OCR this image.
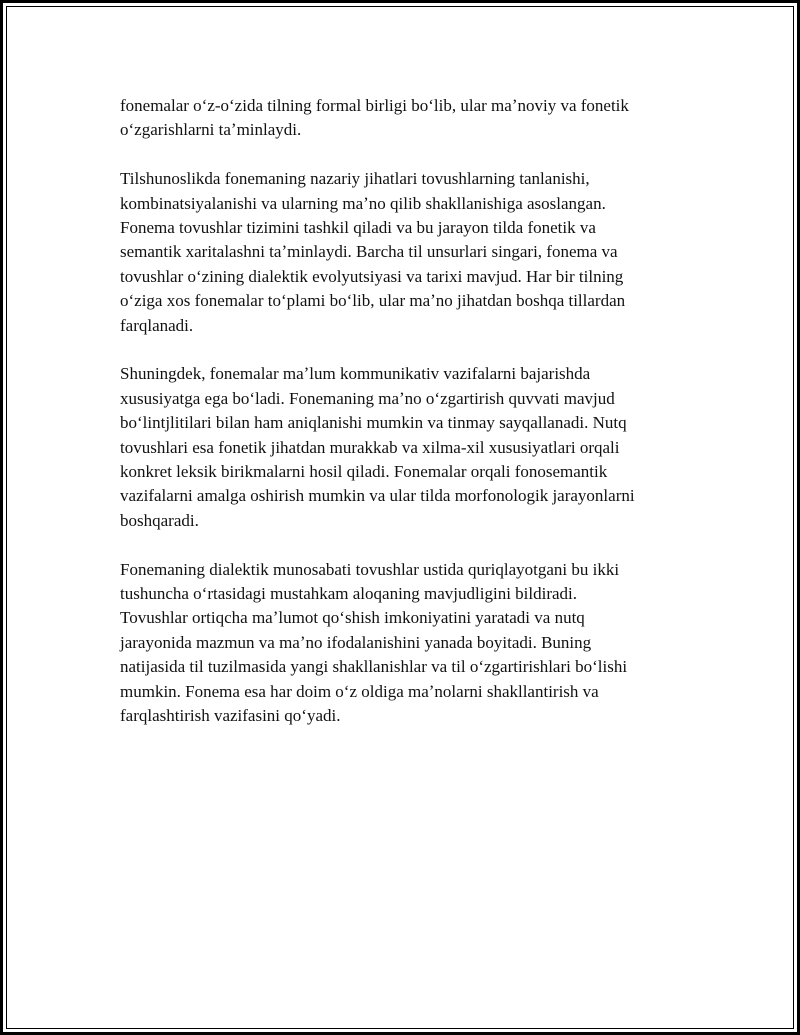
fonemalar oʻz-oʻzida tilning formal birligi boʻlib, ular maʼnoviy va fonetik
oʻzgarishlarni taʼminlaydi.

Tilshunoslikda fonemaning nazariy jihatlari tovushlarning tanlanishi,
kombinatsiyalanishi va ularning maʼno qilib shakllanishiga asoslangan.
Fonema tovushlar tizimini tashkil qiladi va bu jarayon tilda fonetik va
semantik xaritalashni taʼminlaydi. Barcha til unsurlari singari, fonema va
tovushlar oʻzining dialektik evolyutsiyasi va tarixi mavjud. Har bir tilning
oʻziga xos fonemalar toʻplami boʻlib, ular maʼno jihatdan boshqa tillardan
farqlanadi.

Shuningdek, fonemalar maʼlum kommunikativ vazifalarni bajarishda
xususiyatga ega boʻladi. Fonemaning maʼno oʻzgartirish quvvati mavjud
boʻlintjlitilari bilan ham aniqlanishi mumkin va tinmay sayqallanadi. Nutq
tovushlari esa fonetik jihatdan murakkab va xilma-xil xususiyatlari orqali
konkret leksik birikmalarni hosil qiladi. Fonemalar orqali fonosemantik
vazifalarni amalga oshirish mumkin va ular tilda morfonologik jarayonlarni
boshqaradi.

Fonemaning dialektik munosabati tovushlar ustida quriqlayotgani bu ikki
tushuncha oʻrtasidagi mustahkam aloqaning mavjudligini bildiradi.
Tovushlar ortiqcha maʼlumot qoʻshish imkoniyatini yaratadi va nutq
jarayonida mazmun va maʼno ifodalanishini yanada boyitadi. Buning
natijasida til tuzilmasida yangi shakllanishlar va til oʻzgartirishlari boʻlishi
mumkin. Fonema esa har doim oʻz oldiga maʼnolarni shakllantirish va
farqlashtirish vazifasini qoʻyadi.
